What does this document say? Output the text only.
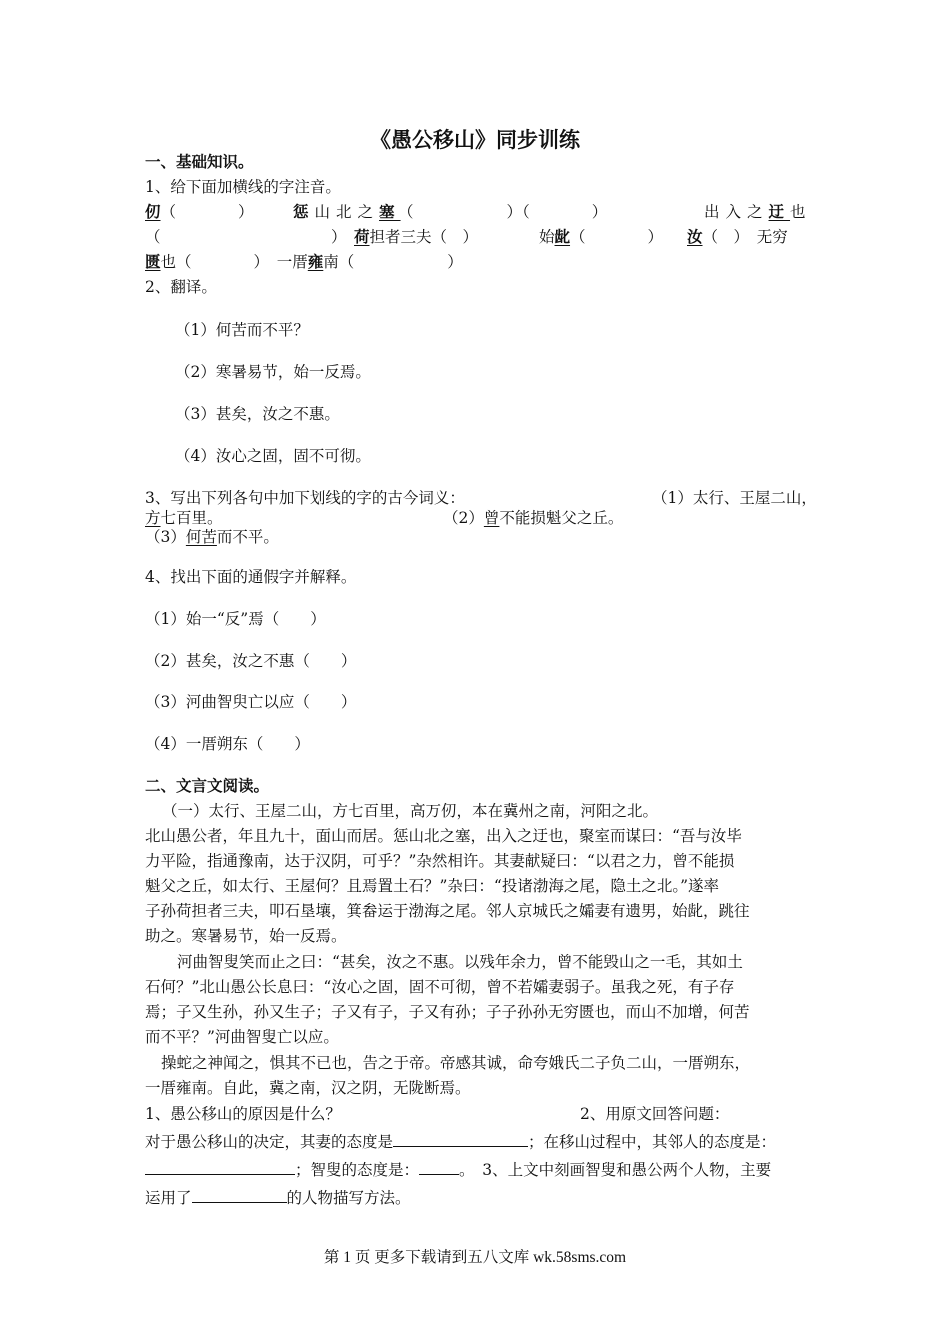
《愚公移山》同步训练
一、基础知识。
1、给下面加横线的字注音。
仞（　　　　）	惩山北之塞
（　　　　　　）（　　　　）	出入之迂也
（　　　　　　　　　　　） 荷担者三夫（　）	始龀（　　　　） 汝（　）　无穷
匮也（　　　　）　一厝雍南（　　　　　　）
2、翻译。
（1）何苦而不平？
（2）寒暑易节，始一反焉。
（3）甚矣，汝之不惠。
（4）汝心之固，固不可彻。
3、写出下列各句中加下划线的字的古今词义：	（1）太行、王屋二山，
方七百里。	（2）曾不能损魁父之丘。
（3）何苦而不平。
4、找出下面的通假字并解释。
（1）始一“反”焉（　　）
（2）甚矣，汝之不惠（　　）
（3）河曲智臾亡以应（　　）
（4）一厝朔东（　　）
二、文言文阅读。
（一）太行、王屋二山，方七百里，高万仞，本在冀州之南，河阳之北。
北山愚公者，年且九十，面山而居。惩山北之塞，出入之迂也，聚室而谋曰：“吾与汝毕
力平险，指通豫南，达于汉阴，可乎？”杂然相许。其妻献疑曰：“以君之力，曾不能损
魁父之丘，如太行、王屋何？且焉置土石？”杂曰：“投诸渤海之尾，隐土之北。”遂率
子孙荷担者三夫，叩石垦壤，箕畚运于渤海之尾。邻人京城氏之孀妻有遗男，始龀，跳往
助之。寒暑易节，始一反焉。
河曲智叟笑而止之曰：“甚矣，汝之不惠。以残年余力，曾不能毁山之一毛，其如土
石何？”北山愚公长息曰：“汝心之固，固不可彻，曾不若孀妻弱子。虽我之死，有子存
焉；子又生孙，孙又生子；子又有子，子又有孙；子子孙孙无穷匮也，而山不加增，何苦
而不平？”河曲智叟亡以应。
操蛇之神闻之，惧其不已也，告之于帝。帝感其诚，命夸娥氏二子负二山，一厝朔东，
一厝雍南。自此，冀之南，汉之阴，无陇断焉。
1、愚公移山的原因是什么？	2、用原文回答问题：
对于愚公移山的决定，其妻的态度是	；在移山过程中，其邻人的态度是：
；智叟的态度是：	。　 3、上文中刻画智叟和愚公两个人物，主要
运用了	的人物描写方法。
第 1 页 更多下载请到五八文库 wk.58sms.com
